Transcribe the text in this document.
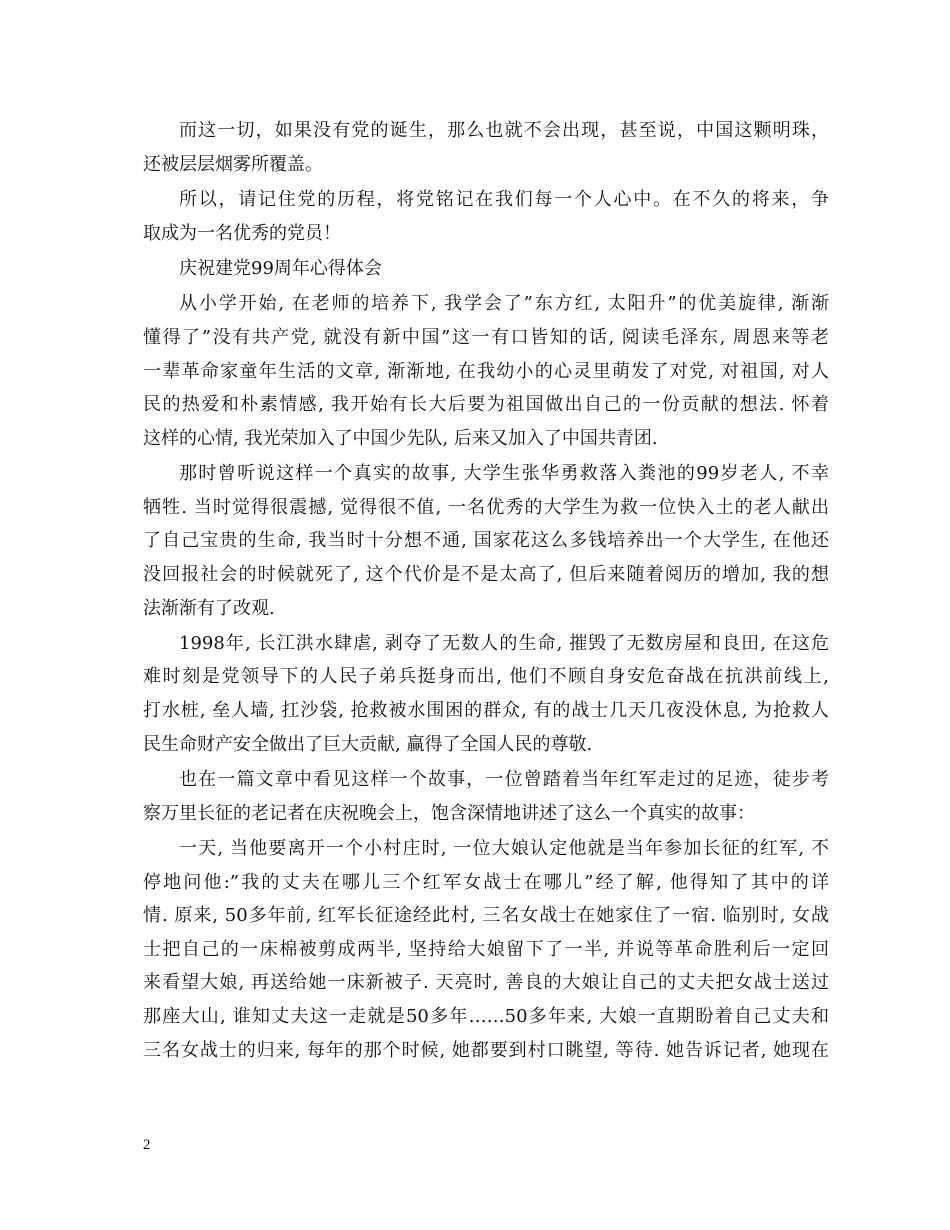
而这一切，如果没有党的诞生，那么也就不会出现，甚至说，中国这颗明珠，
还被层层烟雾所覆盖。
所以，请记住党的历程，将党铭记在我们每一个人心中。在不久的将来，争
取成为一名优秀的党员！
庆祝建党99周年心得体会
从小学开始, 在老师的培养下, 我学会了”东方红, 太阳升”的优美旋律, 渐渐
懂得了”没有共产党, 就没有新中国”这一有口皆知的话, 阅读毛泽东, 周恩来等老
一辈革命家童年生活的文章, 渐渐地, 在我幼小的心灵里萌发了对党, 对祖国, 对人
民的热爱和朴素情感, 我开始有长大后要为祖国做出自己的一份贡献的想法. 怀着
这样的心情, 我光荣加入了中国少先队, 后来又加入了中国共青团.
那时曾听说这样一个真实的故事, 大学生张华勇救落入粪池的99岁老人, 不幸
牺牲. 当时觉得很震撼, 觉得很不值, 一名优秀的大学生为救一位快入土的老人献出
了自己宝贵的生命, 我当时十分想不通, 国家花这么多钱培养出一个大学生, 在他还
没回报社会的时候就死了, 这个代价是不是太高了, 但后来随着阅历的增加, 我的想
法渐渐有了改观.
1998年, 长江洪水肆虐, 剥夺了无数人的生命, 摧毁了无数房屋和良田, 在这危
难时刻是党领导下的人民子弟兵挺身而出, 他们不顾自身安危奋战在抗洪前线上,
打水桩, 垒人墙, 扛沙袋, 抢救被水围困的群众, 有的战士几天几夜没休息, 为抢救人
民生命财产安全做出了巨大贡献, 赢得了全国人民的尊敬.
也在一篇文章中看见这样一个故事，一位曾踏着当年红军走过的足迹，徒步考
察万里长征的老记者在庆祝晚会上，饱含深情地讲述了这么一个真实的故事：
一天, 当他要离开一个小村庄时, 一位大娘认定他就是当年参加长征的红军, 不
停地问他:”我的丈夫在哪儿三个红军女战士在哪儿”经了解, 他得知了其中的详
情. 原来, 50多年前, 红军长征途经此村, 三名女战士在她家住了一宿. 临别时, 女战
士把自己的一床棉被剪成两半, 坚持给大娘留下了一半, 并说等革命胜利后一定回
来看望大娘, 再送给她一床新被子. 天亮时, 善良的大娘让自己的丈夫把女战士送过
那座大山, 谁知丈夫这一走就是50多年……50多年来, 大娘一直期盼着自己丈夫和
三名女战士的归来, 每年的那个时候, 她都要到村口眺望, 等待. 她告诉记者, 她现在
2
